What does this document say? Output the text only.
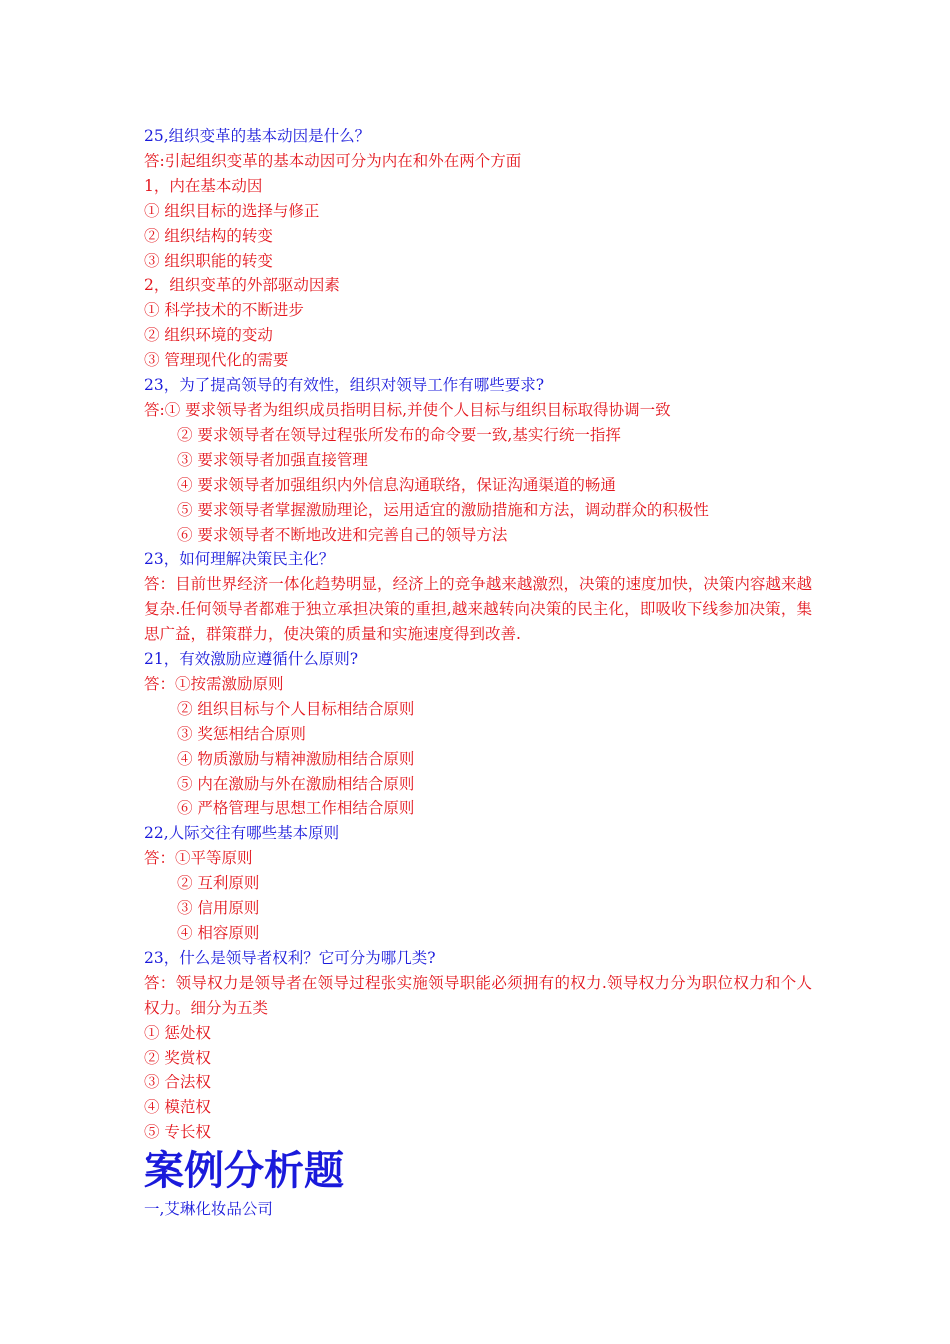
25,组织变革的基本动因是什么？
答:引起组织变革的基本动因可分为内在和外在两个方面
1，内在基本动因
① 组织目标的选择与修正
② 组织结构的转变
③ 组织职能的转变
2，组织变革的外部驱动因素
① 科学技术的不断进步
② 组织环境的变动
③ 管理现代化的需要
23，为了提高领导的有效性，组织对领导工作有哪些要求?
答:① 要求领导者为组织成员指明目标,并使个人目标与组织目标取得协调一致
② 要求领导者在领导过程张所发布的命令要一致,基实行统一指挥
③ 要求领导者加强直接管理
④ 要求领导者加强组织内外信息沟通联络，保证沟通渠道的畅通
⑤ 要求领导者掌握激励理论，运用适宜的激励措施和方法，调动群众的积极性
⑥ 要求领导者不断地改进和完善自己的领导方法
23，如何理解决策民主化？
答：目前世界经济一体化趋势明显，经济上的竞争越来越激烈，决策的速度加快，决策内容越来越复杂.任何领导者都难于独立承担决策的重担,越来越转向决策的民主化，即吸收下线参加决策，集思广益，群策群力，使决策的质量和实施速度得到改善.
21，有效激励应遵循什么原则?
答：①按需激励原则
② 组织目标与个人目标相结合原则
③ 奖惩相结合原则
④ 物质激励与精神激励相结合原则
⑤ 内在激励与外在激励相结合原则
⑥ 严格管理与思想工作相结合原则
22,人际交往有哪些基本原则
答：①平等原则
② 互利原则
③ 信用原则
④ 相容原则
23，什么是领导者权利？它可分为哪几类?
答：领导权力是领导者在领导过程张实施领导职能必须拥有的权力.领导权力分为职位权力和个人权力。细分为五类
① 惩处权
② 奖赏权
③ 合法权
④ 模范权
⑤ 专长权
案例分析题
一,艾琳化妆品公司
